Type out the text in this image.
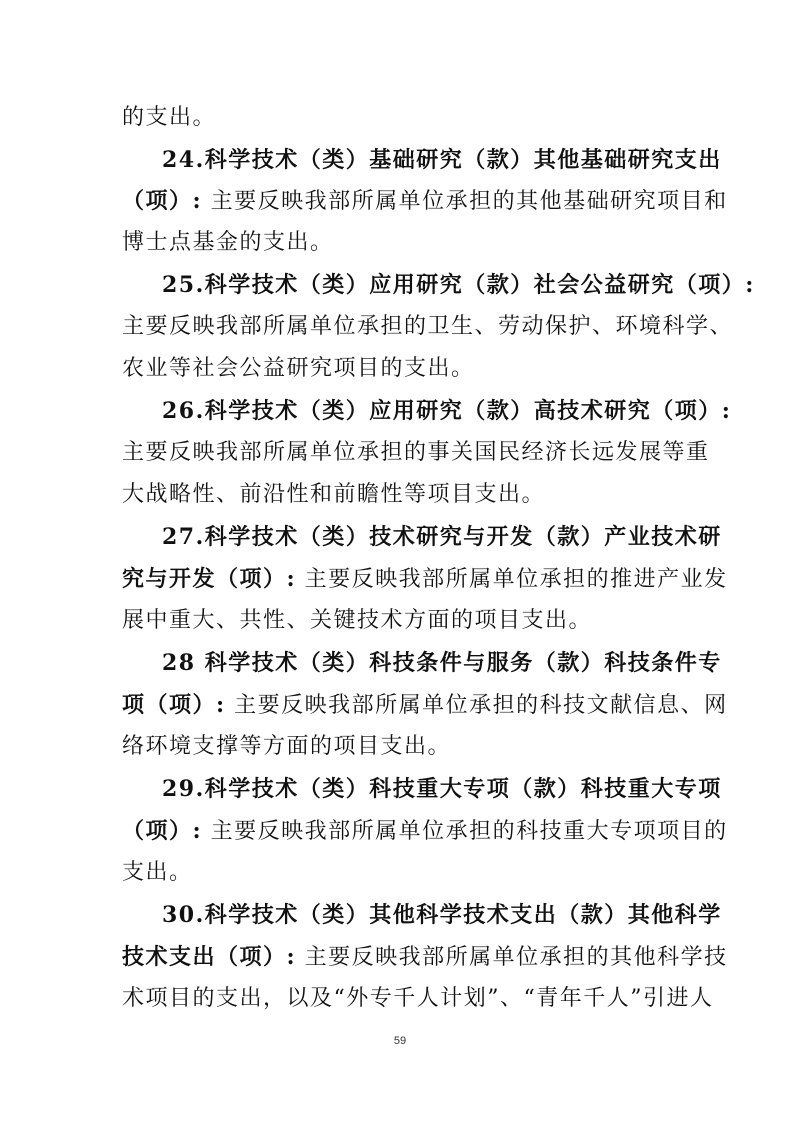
的支出。
24.科学技术（类）基础研究（款）其他基础研究支出
（项）: 主要反映我部所属单位承担的其他基础研究项目和
博士点基金的支出。
25.科学技术（类）应用研究（款）社会公益研究（项）:
主要反映我部所属单位承担的卫生、劳动保护、环境科学、
农业等社会公益研究项目的支出。
26.科学技术（类）应用研究（款）高技术研究（项）:
主要反映我部所属单位承担的事关国民经济长远发展等重
大战略性、前沿性和前瞻性等项目支出。
27.科学技术（类）技术研究与开发（款）产业技术研
究与开发（项）: 主要反映我部所属单位承担的推进产业发
展中重大、共性、关键技术方面的项目支出。
28 科学技术（类）科技条件与服务（款）科技条件专
项（项）: 主要反映我部所属单位承担的科技文献信息、网
络环境支撑等方面的项目支出。
29.科学技术（类）科技重大专项（款）科技重大专项
（项）: 主要反映我部所属单位承担的科技重大专项项目的
支出。
30.科学技术（类）其他科学技术支出（款）其他科学
技术支出（项）: 主要反映我部所属单位承担的其他科学技
术项目的支出，以及“外专千人计划”、“青年千人”引进人
59
